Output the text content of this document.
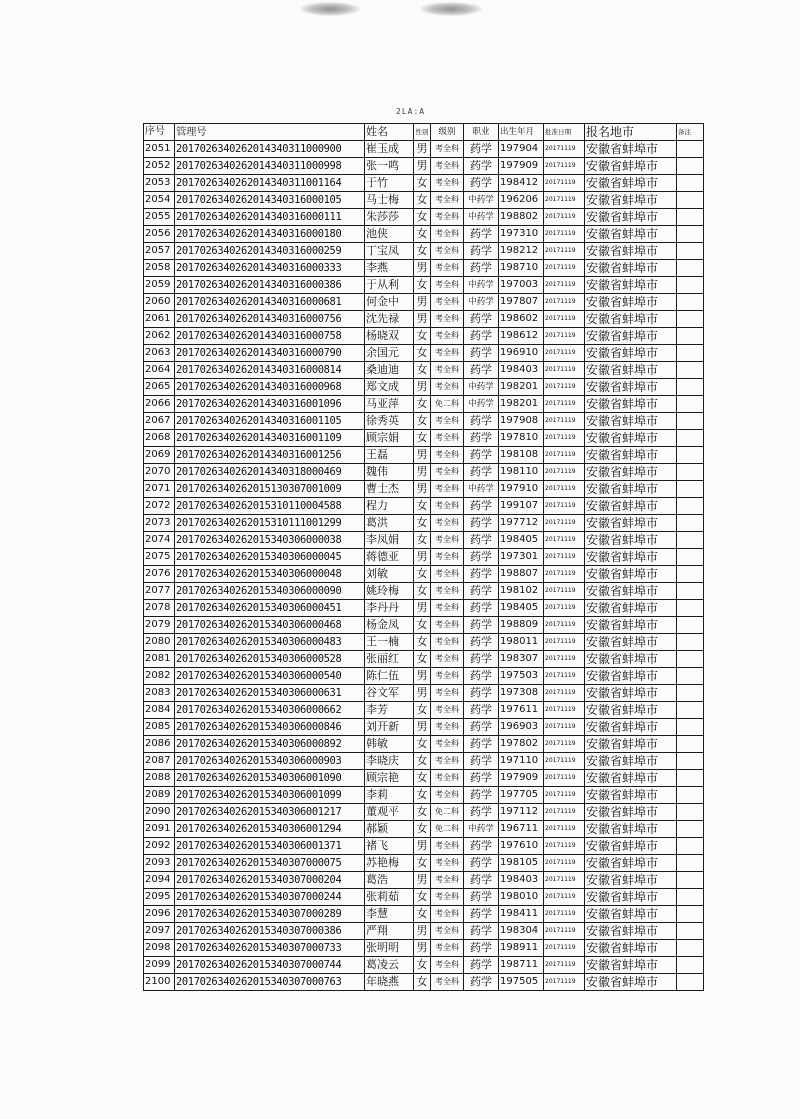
2LA:A
序号	管理号	姓名	性别	级别	职业	出生年月	批准日期	报名地市	备注
2051	2017026340262014340311000900	崔玉成	男	考全科	药学	197904	20171119	安徽省蚌埠市	
2052	2017026340262014340311000998	张一鸣	男	考全科	药学	197909	20171119	安徽省蚌埠市	
2053	2017026340262014340311001164	于竹	女	考全科	药学	198412	20171119	安徽省蚌埠市	
2054	2017026340262014340316000105	马士梅	女	考全科	中药学	196206	20171119	安徽省蚌埠市	
2055	2017026340262014340316000111	朱莎莎	女	考全科	中药学	198802	20171119	安徽省蚌埠市	
2056	2017026340262014340316000180	池侠	女	考全科	药学	197310	20171119	安徽省蚌埠市	
2057	2017026340262014340316000259	丁宝凤	女	考全科	药学	198212	20171119	安徽省蚌埠市	
2058	2017026340262014340316000333	李燕	男	考全科	药学	198710	20171119	安徽省蚌埠市	
2059	2017026340262014340316000386	于从利	女	考全科	中药学	197003	20171119	安徽省蚌埠市	
2060	2017026340262014340316000681	何金中	男	考全科	中药学	197807	20171119	安徽省蚌埠市	
2061	2017026340262014340316000756	沈先禄	男	考全科	药学	198602	20171119	安徽省蚌埠市	
2062	2017026340262014340316000758	杨晓双	女	考全科	药学	198612	20171119	安徽省蚌埠市	
2063	2017026340262014340316000790	余国元	女	考全科	药学	196910	20171119	安徽省蚌埠市	
2064	2017026340262014340316000814	桑迪迪	女	考全科	药学	198403	20171119	安徽省蚌埠市	
2065	2017026340262014340316000968	郑文成	男	考全科	中药学	198201	20171119	安徽省蚌埠市	
2066	2017026340262014340316001096	马亚萍	女	免二科	中药学	198201	20171119	安徽省蚌埠市	
2067	2017026340262014340316001105	徐秀英	女	考全科	药学	197908	20171119	安徽省蚌埠市	
2068	2017026340262014340316001109	顾宗娟	女	考全科	药学	197810	20171119	安徽省蚌埠市	
2069	2017026340262014340316001256	王磊	男	考全科	药学	198108	20171119	安徽省蚌埠市	
2070	2017026340262014340318000469	魏伟	男	考全科	药学	198110	20171119	安徽省蚌埠市	
2071	2017026340262015130307001009	曹士杰	男	考全科	中药学	197910	20171119	安徽省蚌埠市	
2072	2017026340262015310110004588	程力	女	考全科	药学	199107	20171119	安徽省蚌埠市	
2073	2017026340262015310111001299	葛洪	女	考全科	药学	197712	20171119	安徽省蚌埠市	
2074	2017026340262015340306000038	李凤娟	女	考全科	药学	198405	20171119	安徽省蚌埠市	
2075	2017026340262015340306000045	蒋德亚	男	考全科	药学	197301	20171119	安徽省蚌埠市	
2076	2017026340262015340306000048	刘敏	女	考全科	药学	198807	20171119	安徽省蚌埠市	
2077	2017026340262015340306000090	姚玲梅	女	考全科	药学	198102	20171119	安徽省蚌埠市	
2078	2017026340262015340306000451	李丹丹	男	考全科	药学	198405	20171119	安徽省蚌埠市	
2079	2017026340262015340306000468	杨金凤	女	考全科	药学	198809	20171119	安徽省蚌埠市	
2080	2017026340262015340306000483	王一楠	女	考全科	药学	198011	20171119	安徽省蚌埠市	
2081	2017026340262015340306000528	张丽红	女	考全科	药学	198307	20171119	安徽省蚌埠市	
2082	2017026340262015340306000540	陈仁伍	男	考全科	药学	197503	20171119	安徽省蚌埠市	
2083	2017026340262015340306000631	谷文军	男	考全科	药学	197308	20171119	安徽省蚌埠市	
2084	2017026340262015340306000662	李芳	女	考全科	药学	197611	20171119	安徽省蚌埠市	
2085	2017026340262015340306000846	刘开新	男	考全科	药学	196903	20171119	安徽省蚌埠市	
2086	2017026340262015340306000892	韩敏	女	考全科	药学	197802	20171119	安徽省蚌埠市	
2087	2017026340262015340306000903	李晓庆	女	考全科	药学	197110	20171119	安徽省蚌埠市	
2088	2017026340262015340306001090	顾宗艳	女	考全科	药学	197909	20171119	安徽省蚌埠市	
2089	2017026340262015340306001099	李莉	女	考全科	药学	197705	20171119	安徽省蚌埠市	
2090	2017026340262015340306001217	董观平	女	免二科	药学	197112	20171119	安徽省蚌埠市	
2091	2017026340262015340306001294	郝颖	女	免二科	中药学	196711	20171119	安徽省蚌埠市	
2092	2017026340262015340306001371	褚飞	男	考全科	药学	197610	20171119	安徽省蚌埠市	
2093	2017026340262015340307000075	苏艳梅	女	考全科	药学	198105	20171119	安徽省蚌埠市	
2094	2017026340262015340307000204	葛浩	男	考全科	药学	198403	20171119	安徽省蚌埠市	
2095	2017026340262015340307000244	张莉茹	女	考全科	药学	198010	20171119	安徽省蚌埠市	
2096	2017026340262015340307000289	李慧	女	考全科	药学	198411	20171119	安徽省蚌埠市	
2097	2017026340262015340307000386	严翔	男	考全科	药学	198304	20171119	安徽省蚌埠市	
2098	2017026340262015340307000733	张明明	男	考全科	药学	198911	20171119	安徽省蚌埠市	
2099	2017026340262015340307000744	葛凌云	女	考全科	药学	198711	20171119	安徽省蚌埠市	
2100	2017026340262015340307000763	年晓燕	女	考全科	药学	197505	20171119	安徽省蚌埠市	
